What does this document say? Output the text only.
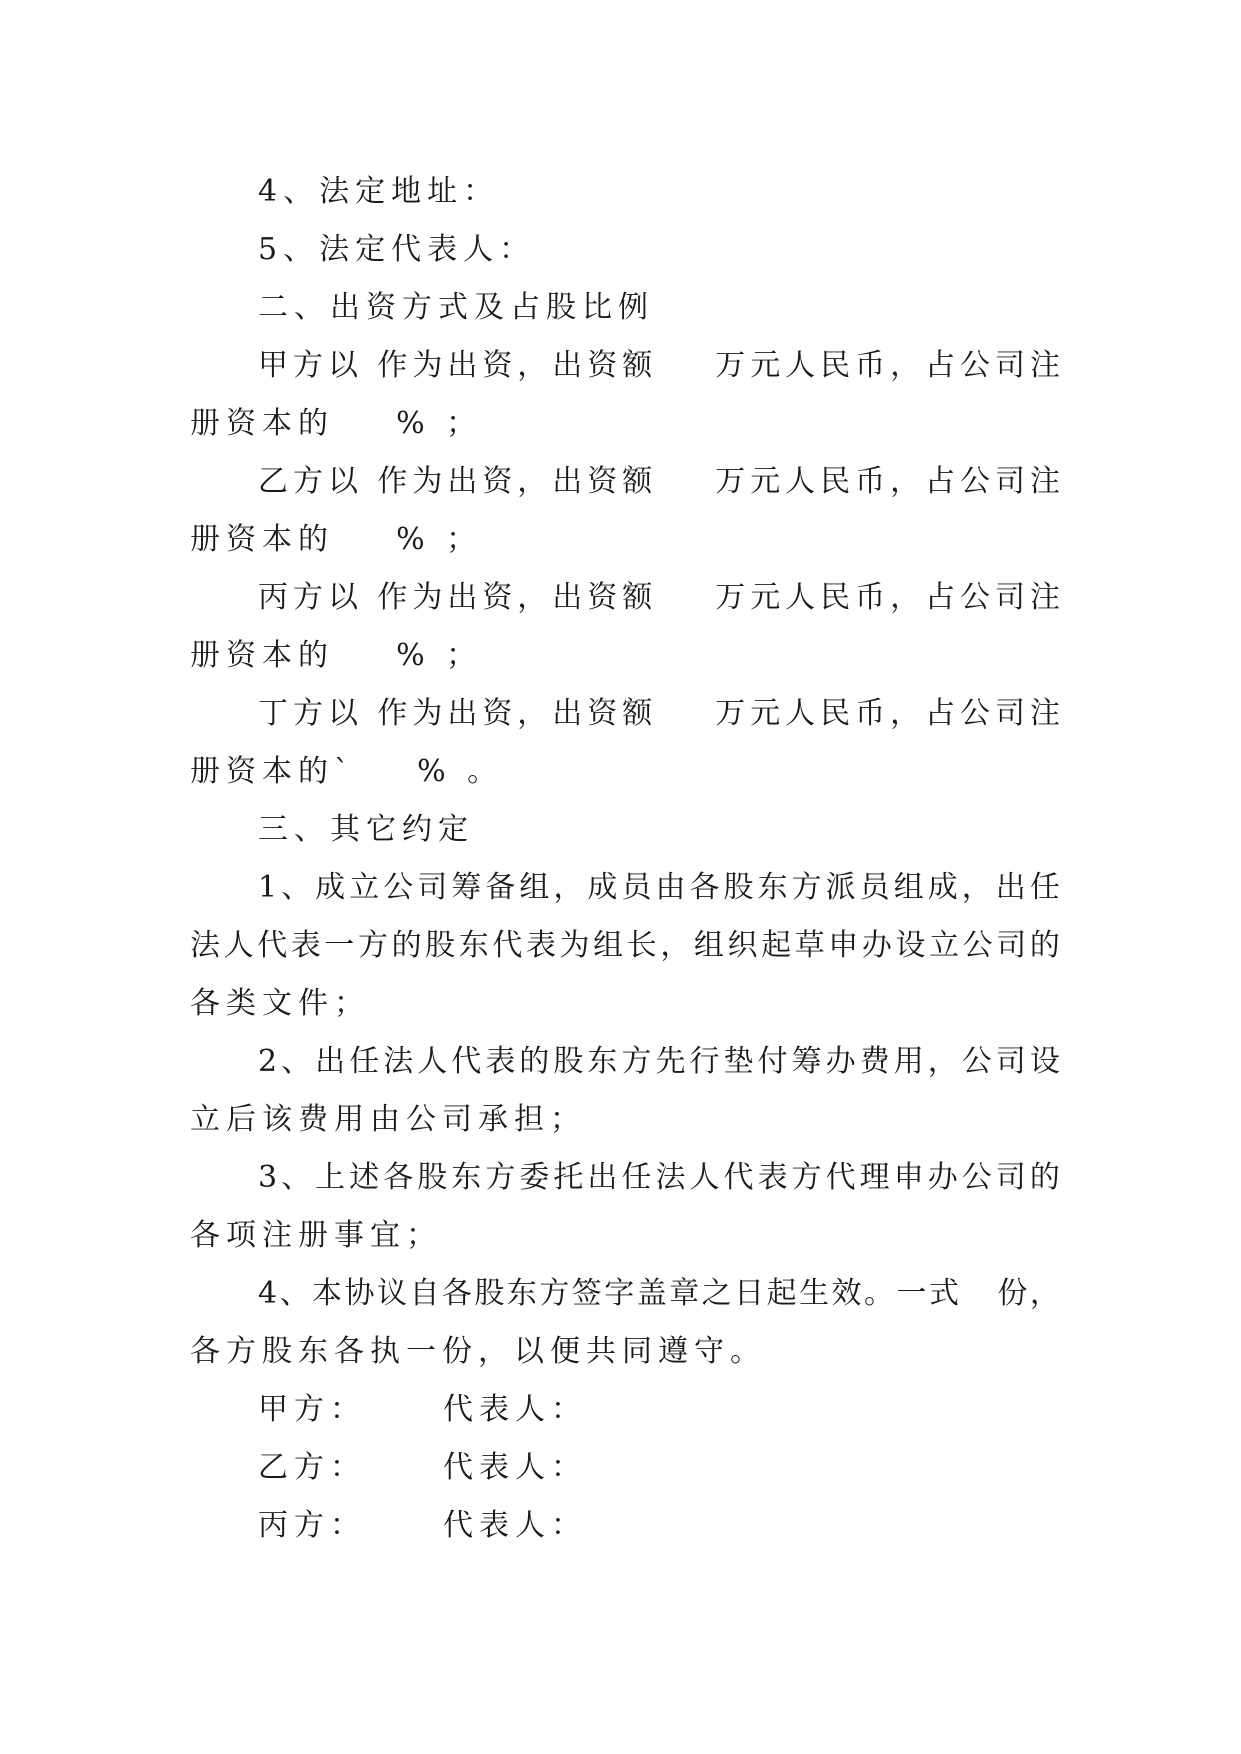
4、法定地址：

5、法定代表人：

二、出资方式及占股比例

甲 方 以
作 为 出 资 ， 出 资 额

万 元 人 民 币 ， 占 公 司 注

册资本的    % ；

乙 方 以
作 为 出 资 ， 出 资 额

万 元 人 民 币 ， 占 公 司 注

册资本的    % ；

丙 方 以
作 为 出 资 ， 出 资 额

万 元 人 民 币 ， 占 公 司 注

册资本的    % ；

丁 方 以
作 为 出 资 ， 出 资 额

万 元 人 民 币 ， 占 公 司 注

册资本的`    % 。

三、其它约定

1 、 成 立 公 司 筹 备 组 ， 成 员 由 各 股 东 方 派 员 组 成 ， 出 任

法 人 代 表 一 方 的 股 东 代 表 为 组 长 ， 组 织 起 草 申 办 设 立 公 司 的

各类文件；

2 、 出 任 法 人 代 表 的 股 东 方 先 行 垫 付 筹 办 费 用 ， 公 司 设

立后该费用由公司承担；

3 、 上 述 各 股 东 方 委 托 出 任 法 人 代 表 方 代 理 申 办 公 司 的

各项注册事宜；

4 、 本 协 议 自 各 股 东 方 签 字 盖 章 之 日 起 生 效 。 一 式

份 ，

各方股东各执一份，以便共同遵守。

甲方：	代表人：
乙方：	代表人：
丙方：	代表人：
